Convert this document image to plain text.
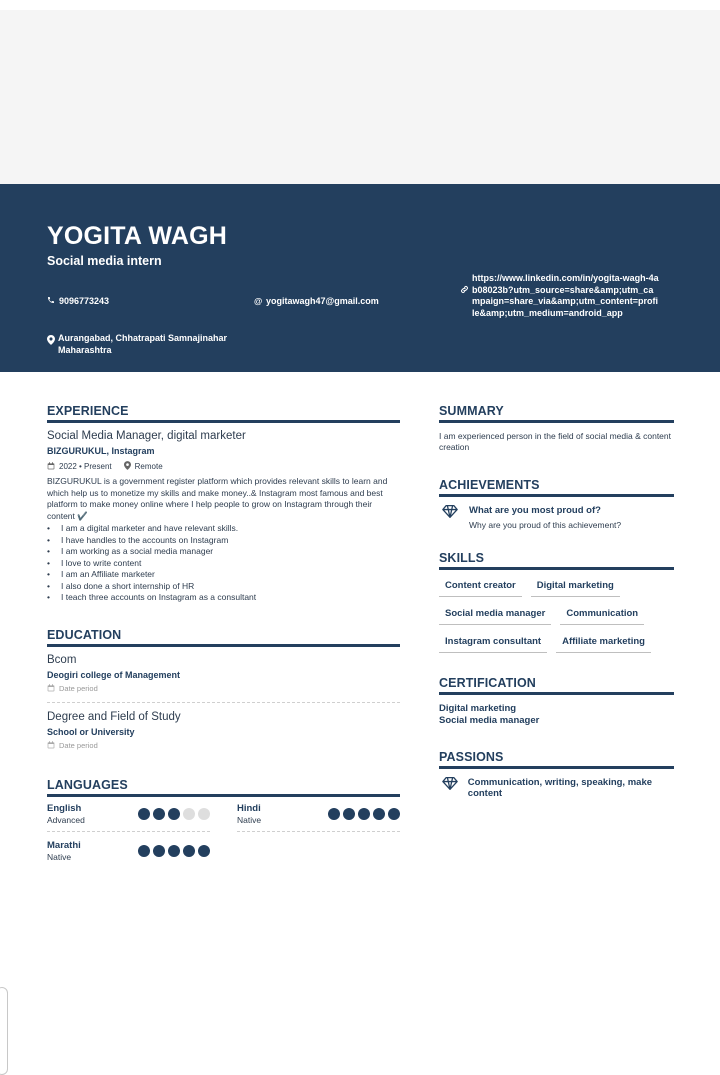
YOGITA WAGH
Social media intern
9096773243	@ yogitawagh47@gmail.com
https://www.linkedin.com/in/yogita-wagh-4ab08023b?utm_source=share&amp;utm_campaign=share_via&amp;utm_content=profile&amp;utm_medium=android_app
Aurangabad, Chhatrapati Samnajinahar Maharashtra
EXPERIENCE
Social Media Manager, digital marketer
BIZGURUKUL, Instagram
2022 • Present	Remote
BIZGURUKUL is a government register platform which provides relevant skills to learn and which help us to monetize my skills and make money..& Instagram most famous and best platform to make money online where I help people to grow on Instagram through their content ✔️
• I am a digital marketer and have relevant skills.
• I have handles to the accounts on Instagram
• I am working as a social media manager
• I love to write content
• I am an Affiliate marketer
• I also done a short internship of HR
• I teach three accounts on Instagram as a consultant
EDUCATION
Bcom
Deogiri college of Management
Date period
Degree and Field of Study
School or University
Date period
LANGUAGES
English
Advanced
Hindi
Native
Marathi
Native
SUMMARY
I am experienced person in the field of social media & content creation
ACHIEVEMENTS
What are you most proud of?
Why are you proud of this achievement?
SKILLS
Content creator	Digital marketing
Social media manager	Communication
Instagram consultant	Affiliate marketing
CERTIFICATION
Digital marketing
Social media manager
PASSIONS
Communication, writing, speaking, make content
